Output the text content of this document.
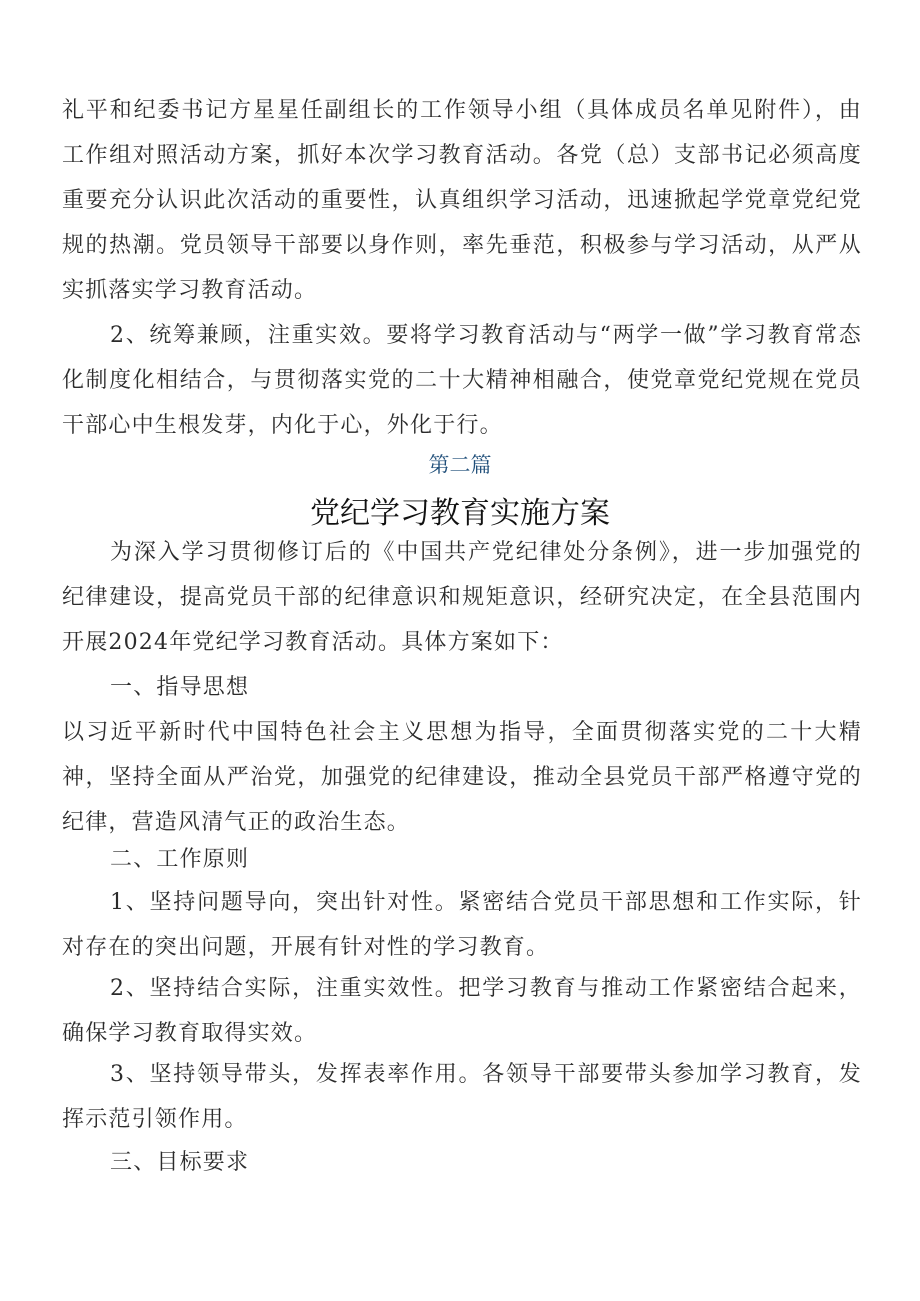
礼平和纪委书记方星星任副组长的工作领导小组（具体成员名单见附件），由工作组对照活动方案，抓好本次学习教育活动。各党（总）支部书记必须高度重要充分认识此次活动的重要性，认真组织学习活动，迅速掀起学党章党纪党规的热潮。党员领导干部要以身作则，率先垂范，积极参与学习活动，从严从实抓落实学习教育活动。

2、统筹兼顾，注重实效。要将学习教育活动与“两学一做”学习教育常态化制度化相结合，与贯彻落实党的二十大精神相融合，使党章党纪党规在党员干部心中生根发芽，内化于心，外化于行。

第二篇

党纪学习教育实施方案

为深入学习贯彻修订后的《中国共产党纪律处分条例》，进一步加强党的纪律建设，提高党员干部的纪律意识和规矩意识，经研究决定，在全县范围内开展2024年党纪学习教育活动。具体方案如下：

一、指导思想

以习近平新时代中国特色社会主义思想为指导，全面贯彻落实党的二十大精神，坚持全面从严治党，加强党的纪律建设，推动全县党员干部严格遵守党的纪律，营造风清气正的政治生态。

二、工作原则

1、坚持问题导向，突出针对性。紧密结合党员干部思想和工作实际，针对存在的突出问题，开展有针对性的学习教育。

2、坚持结合实际，注重实效性。把学习教育与推动工作紧密结合起来，确保学习教育取得实效。

3、坚持领导带头，发挥表率作用。各领导干部要带头参加学习教育，发挥示范引领作用。

三、目标要求
